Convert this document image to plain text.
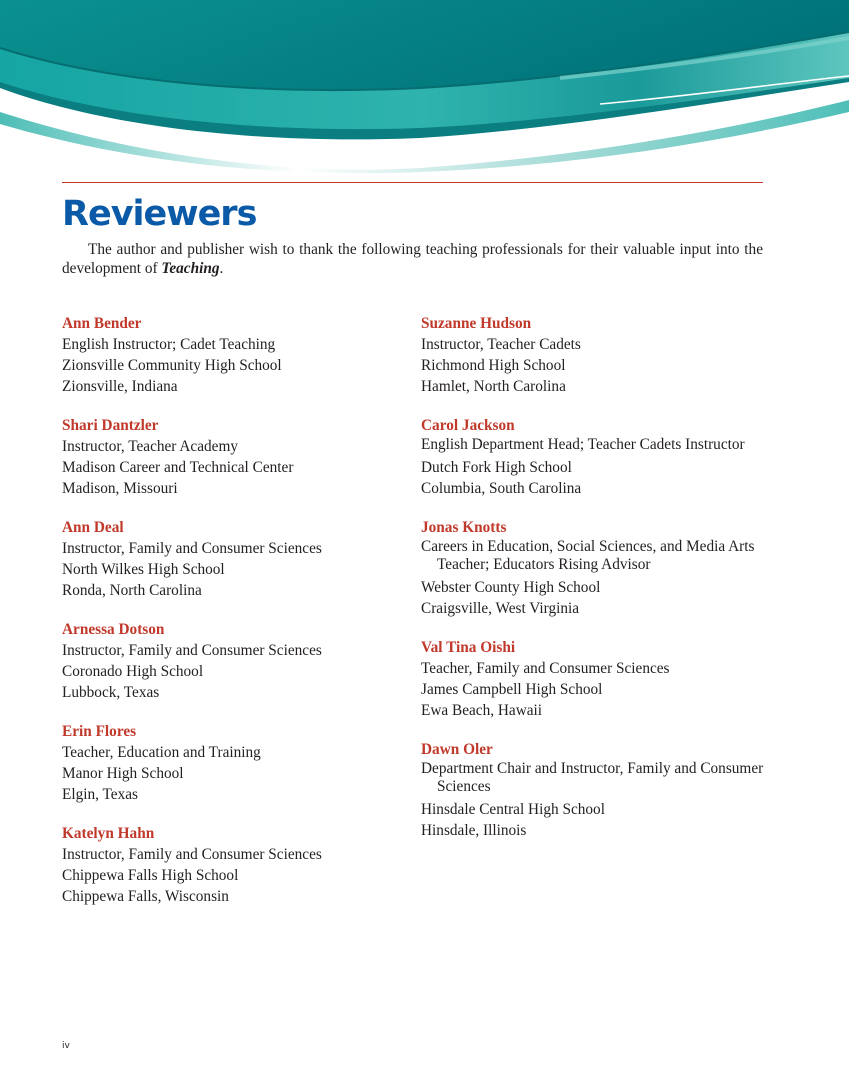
Reviewers

The author and publisher wish to thank the following teaching professionals for their valuable input into the development of Teaching.

Ann Bender
English Instructor; Cadet Teaching
Zionsville Community High School
Zionsville, Indiana
Shari Dantzler
Instructor, Teacher Academy
Madison Career and Technical Center
Madison, Missouri
Ann Deal
Instructor, Family and Consumer Sciences
North Wilkes High School
Ronda, North Carolina
Arnessa Dotson
Instructor, Family and Consumer Sciences
Coronado High School
Lubbock, Texas
Erin Flores
Teacher, Education and Training
Manor High School
Elgin, Texas
Katelyn Hahn
Instructor, Family and Consumer Sciences
Chippewa Falls High School
Chippewa Falls, Wisconsin
Suzanne Hudson
Instructor, Teacher Cadets
Richmond High School
Hamlet, North Carolina
Carol Jackson
English Department Head; Teacher Cadets Instructor
Dutch Fork High School
Columbia, South Carolina
Jonas Knotts
Careers in Education, Social Sciences, and Media Arts Teacher; Educators Rising Advisor
Webster County High School
Craigsville, West Virginia
Val Tina Oishi
Teacher, Family and Consumer Sciences
James Campbell High School
Ewa Beach, Hawaii
Dawn Oler
Department Chair and Instructor, Family and Consumer Sciences
Hinsdale Central High School
Hinsdale, Illinois
iv
